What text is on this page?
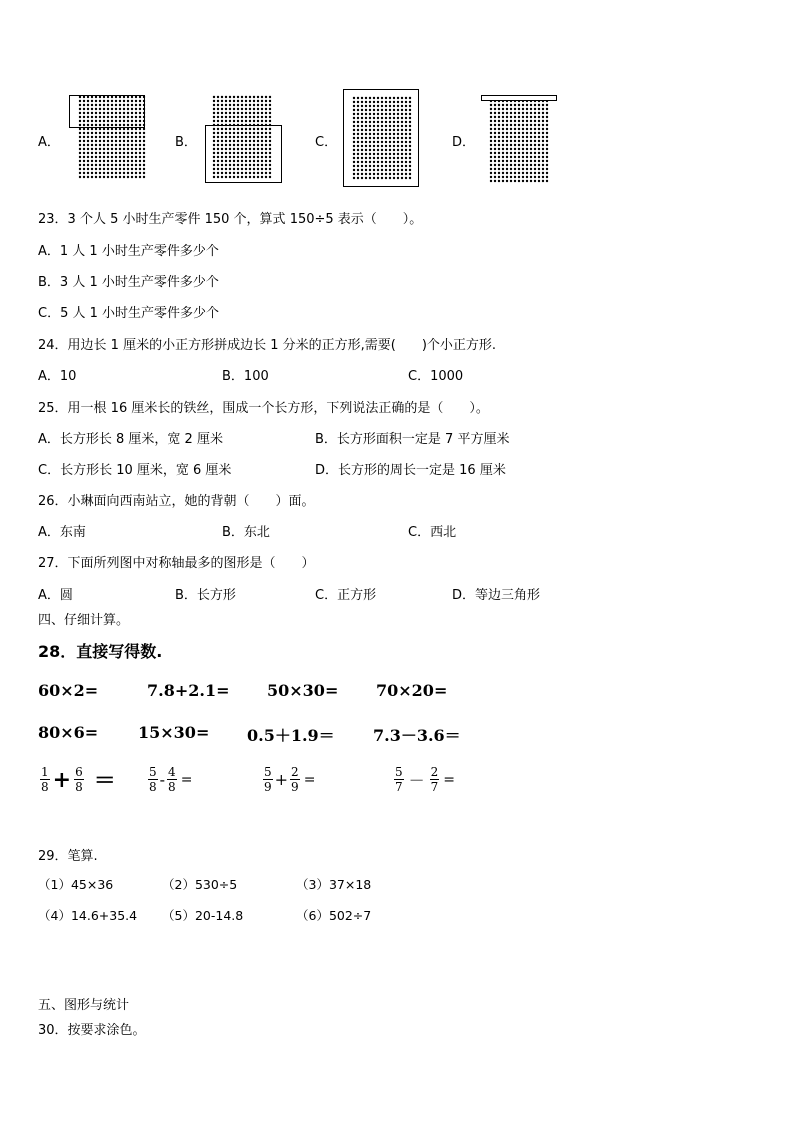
A．	B．	C．	D．
23．3 个人 5 小时生产零件 150 个，算式 150÷5 表示（　　）。
A．1 人 1 小时生产零件多少个
B．3 人 1 小时生产零件多少个
C．5 人 1 小时生产零件多少个
24．用边长 1 厘米的小正方形拼成边长 1 分米的正方形,需要(　　)个小正方形.
A．10	B．100	C．1000
25．用一根 16 厘米长的铁丝，围成一个长方形，下列说法正确的是（　　）。
A．长方形长 8 厘米，宽 2 厘米	B．长方形面积一定是 7 平方厘米
C．长方形长 10 厘米，宽 6 厘米	D．长方形的周长一定是 16 厘米
26．小琳面向西南站立，她的背朝（　　）面。
A．东南	B．东北	C．西北
27．下面所列图中对称轴最多的图形是（　　）
A．圆	B．长方形	C．正方形	D．等边三角形
四、仔细计算。
28．直接写得数.
60×2=	7.8+2.1= 50×30= 70×20=
80×6= 15×30= 0.5＋1.9＝ 7.3－3.6＝
$\frac{1}{8} + \frac{6}{8}$ ＝	$\frac{5}{8} - \frac{4}{8}$ =	$\frac{5}{9} + \frac{2}{9}$ =	$\frac{5}{7} - \frac{2}{7}$ =
29．笔算.
（1）45×36	（2）530÷5	（3）37×18
（4）14.6+35.4 （5）20-14.8	（6）502÷7
五、图形与统计
30．按要求涂色。
